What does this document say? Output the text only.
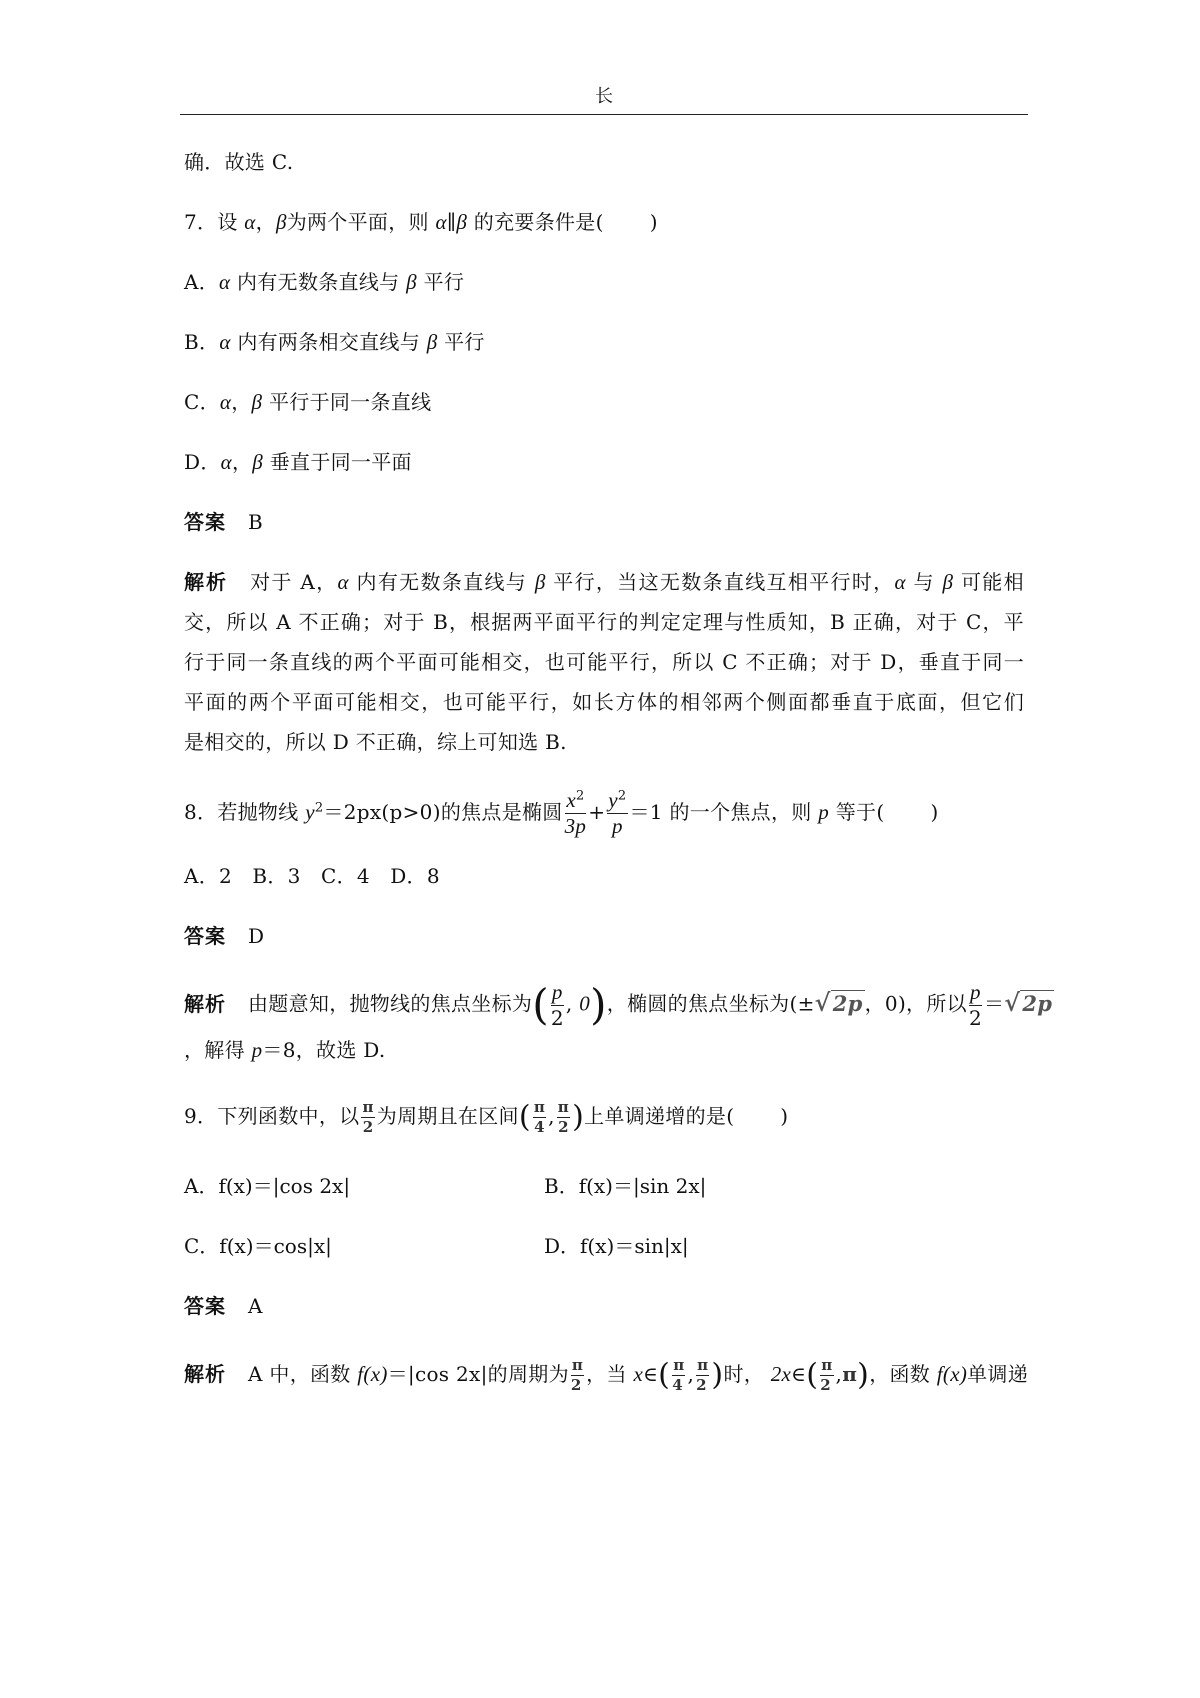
长
确．故选 C.
7．设 α，β为两个平面，则 α∥β 的充要条件是( )
A．α 内有无数条直线与 β 平行
B．α 内有两条相交直线与 β 平行
C．α，β 平行于同一条直线
D．α，β 垂直于同一平面
答案 B
解析 对于 A，α 内有无数条直线与 β 平行，当这无数条直线互相平行时，α 与 β 可能相
交，所以 A 不正确；对于 B，根据两平面平行的判定定理与性质知，B 正确，对于 C，平
行于同一条直线的两个平面可能相交，也可能平行，所以 C 不正确；对于 D，垂直于同一
平面的两个平面可能相交，也可能平行，如长方体的相邻两个侧面都垂直于底面，但它们
是相交的，所以 D 不正确，综上可知选 B.
8．若抛物线 $y^2=2px(p>0)$的焦点是椭圆 $\frac{x^2}{3p} + \frac{y^2}{p} =1$ 的一个焦点，则 p 等于( )
A．2　B．3　C．4　D．8
答案 D
解析 由题意知，抛物线的焦点坐标为( $\frac{p}{2}$ , 0)，椭圆的焦点坐标为(±√2p ，0)，所以 $\frac{p}{2} =√2p$
，解得 p＝8，故选 D.
9．下列函数中，以 $\frac{\pi}{2}$ 为周期且在区间( $\frac{\pi}{4}$ , $\frac{\pi}{2}$ )上单调递增的是( )
A．f(x)＝|cos 2x|	B．f(x)＝|sin 2x|
C．f(x)＝cos|x|	D．f(x)＝sin|x|
答案 A
解析 A 中，函数 f(x)＝|cos 2x|的周期为 $\frac{\pi}{2}$ ，当 x∈( $\frac{\pi}{4}$ , $\frac{\pi}{2}$ )时， 2x∈( $\frac{\pi}{2} ,\pi$)，函数 f(x)单调递
